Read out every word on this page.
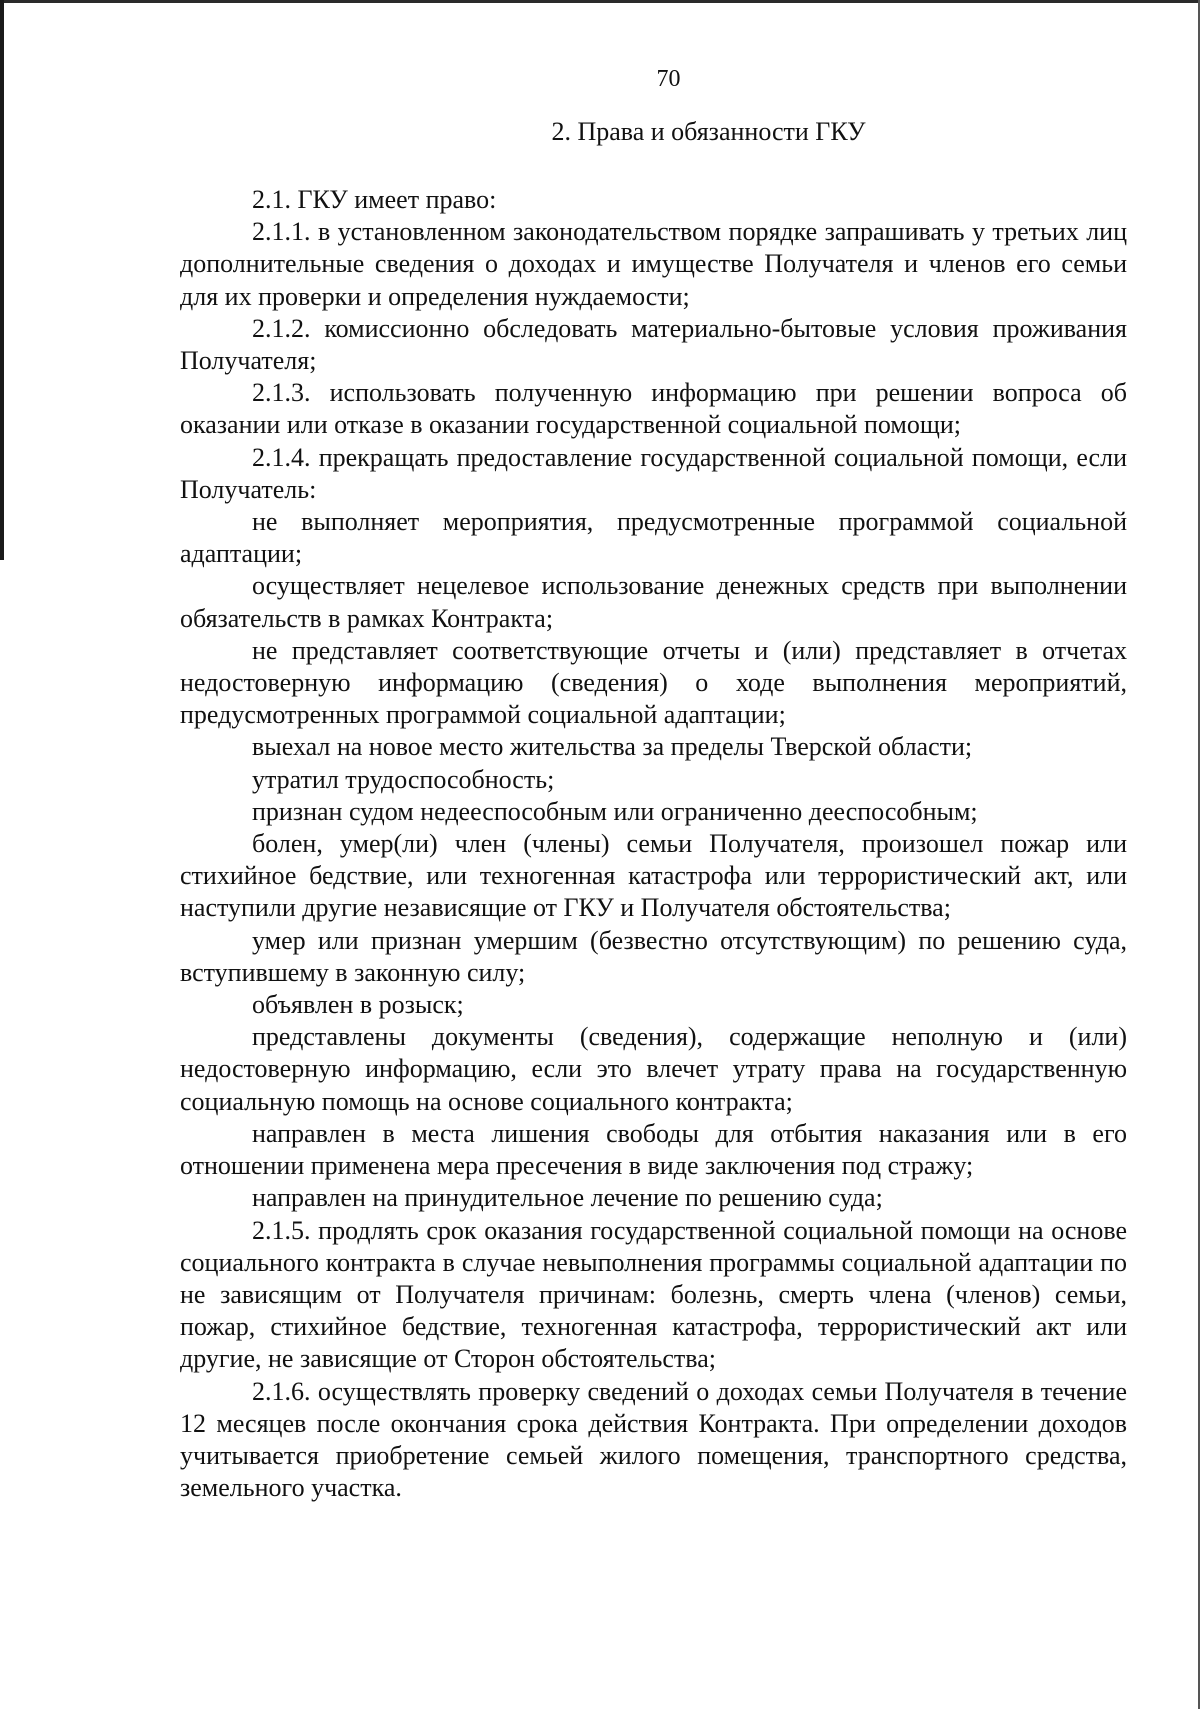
70

2. Права и обязанности ГКУ

2.1. ГКУ имеет право:

2.1.1. в установленном законодательством порядке запрашивать у третьих лиц дополнительные сведения о доходах и имуществе Получателя и членов его семьи для их проверки и определения нуждаемости;

2.1.2. комиссионно обследовать материально-бытовые условия проживания Получателя;

2.1.3. использовать полученную информацию при решении вопроса об оказании или отказе в оказании государственной социальной помощи;

2.1.4. прекращать предоставление государственной социальной помощи, если Получатель:

не выполняет мероприятия, предусмотренные программой социальной адаптации;

осуществляет нецелевое использование денежных средств при выполнении обязательств в рамках Контракта;

не представляет соответствующие отчеты и (или) представляет в отчетах недостоверную информацию (сведения) о ходе выполнения мероприятий, предусмотренных программой социальной адаптации;

выехал на новое место жительства за пределы Тверской области;

утратил трудоспособность;

признан судом недееспособным или ограниченно дееспособным;

болен, умер(ли) член (члены) семьи Получателя, произошел пожар или стихийное бедствие, или техногенная катастрофа или террористический акт, или наступили другие независящие от ГКУ и Получателя обстоятельства;

умер или признан умершим (безвестно отсутствующим) по решению суда, вступившему в законную силу;

объявлен в розыск;

представлены документы (сведения), содержащие неполную и (или) недостоверную информацию, если это влечет утрату права на государственную социальную помощь на основе социального контракта;

направлен в места лишения свободы для отбытия наказания или в его отношении применена мера пресечения в виде заключения под стражу;

направлен на принудительное лечение по решению суда;

2.1.5. продлять срок оказания государственной социальной помощи на основе социального контракта в случае невыполнения программы социальной адаптации по не зависящим от Получателя причинам: болезнь, смерть члена (членов) семьи, пожар, стихийное бедствие, техногенная катастрофа, террористический акт или другие, не зависящие от Сторон обстоятельства;

2.1.6. осуществлять проверку сведений о доходах семьи Получателя в течение 12 месяцев после окончания срока действия Контракта. При определении доходов учитывается приобретение семьей жилого помещения, транспортного средства, земельного участка.
